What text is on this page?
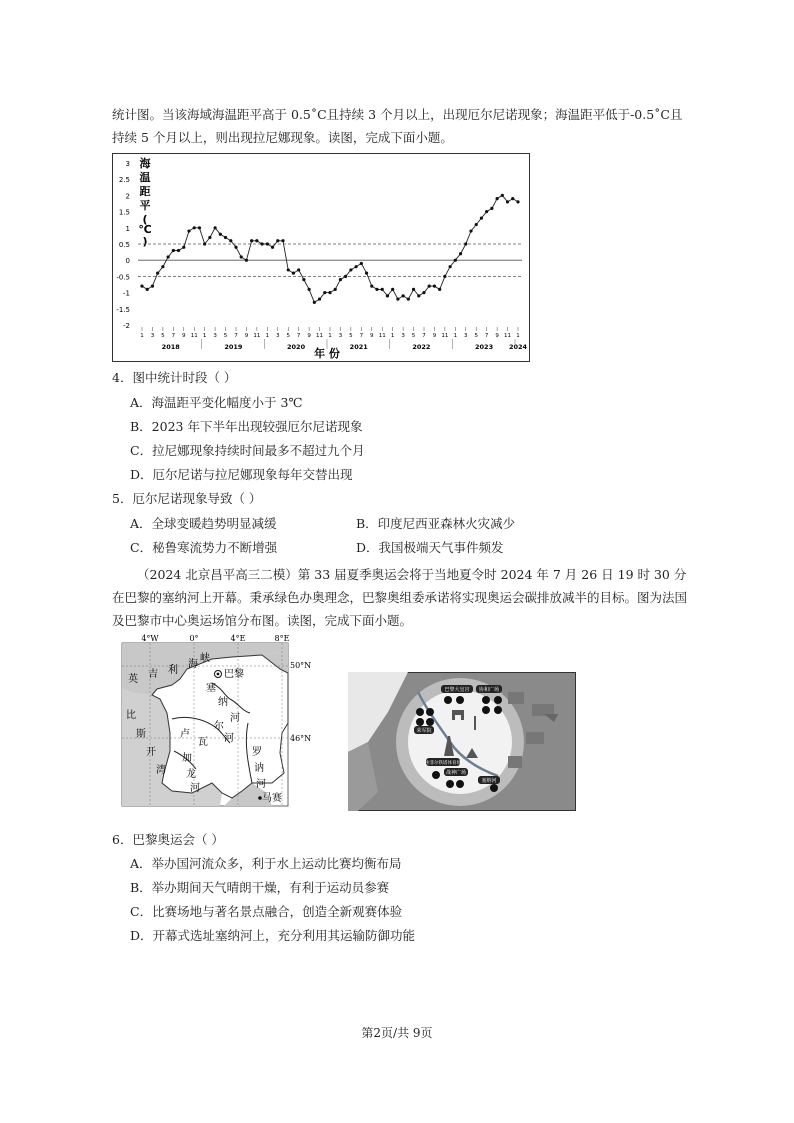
统计图。当该海域海温距平高于 0.5˚C且持续 3 个月以上，出现厄尔尼诺现象；海温距平低于-0.5˚C且持续 5 个月以上，则出现拉尼娜现象。读图，完成下面小题。

海
温
距
平
(
℃
)
3
2.5
2
1.5
1
0.5
0
-0.5
-1
-1.5
-2
1 3 5 7 9 11 1 3 5 7 9 11 1 3 5 7 9 11 1 3 5 7 9 11 1 3 5 7 9 11 1 3 5 7 9 11 1
2018	2019	2020	2021	2022	2023 2024
年 份
4．图中统计时段（ ）
A．海温距平变化幅度小于 3℃
B．2023 年下半年出现较强厄尔尼诺现象
C．拉尼娜现象持续时间最多不超过九个月
D．厄尔尼诺与拉尼娜现象每年交替出现
5．厄尔尼诺现象导致（ ）
A．全球变暖趋势明显减缓	B．印度尼西亚森林火灾减少
C．秘鲁寒流势力不断增强	D．我国极端天气事件频发

（2024 北京昌平高三二模）第 33 届夏季奥运会将于当地夏令时 2024 年 7 月 26 日 19 时 30 分在巴黎的塞纳河上开幕。秉承绿色办奥理念，巴黎奥组委承诺将实现奥运会碳排放减半的目标。图为法国及巴黎市中心奥运场馆分布图。读图，完成下面小题。

4°W	0°	4°E	8°E
50°N
46°N
英 吉 利
海
峡
比
斯
开
湾
巴黎
塞
纳
河
卢
瓦
尔
河
加
龙
河
罗
讷
河
马赛
巴黎大皇宫 协和广场
荣军院
埃菲尔铁塔体育场
战神广场
塞纳河
6．巴黎奥运会（ ）
A．举办国河流众多，利于水上运动比赛均衡布局
B．举办期间天气晴朗干燥，有利于运动员参赛
C．比赛场地与著名景点融合，创造全新观赛体验
D．开幕式选址塞纳河上，充分利用其运输防御功能
第2页/共 9页
